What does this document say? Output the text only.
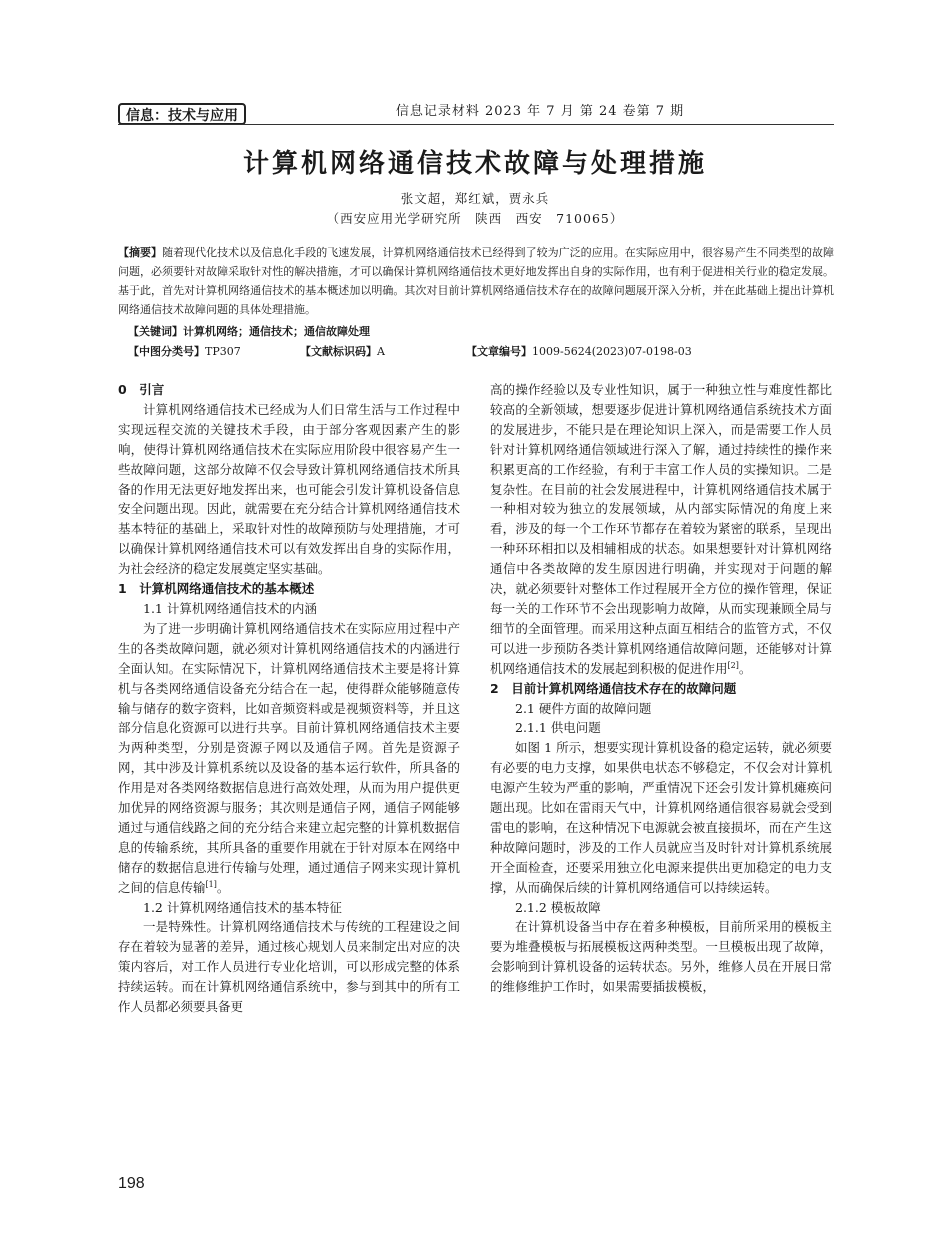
信息：技术与应用	信息记录材料 2023 年 7 月 第 24 卷第 7 期
计算机网络通信技术故障与处理措施
张文超，郑红斌，贾永兵
（西安应用光学研究所　陕西　西安　710065）
【摘要】随着现代化技术以及信息化手段的飞速发展，计算机网络通信技术已经得到了较为广泛的应用。在实际应用中，很容易产生不同类型的故障问题，必须要针对故障采取针对性的解决措施，才可以确保计算机网络通信技术更好地发挥出自身的实际作用，也有利于促进相关行业的稳定发展。基于此，首先对计算机网络通信技术的基本概述加以明确。其次对目前计算机网络通信技术存在的故障问题展开深入分析，并在此基础上提出计算机网络通信技术故障问题的具体处理措施。
【关键词】计算机网络；通信技术；通信故障处理
【中图分类号】TP307	【文献标识码】A	【文章编号】1009-5624(2023)07-0198-03

0　引言

计算机网络通信技术已经成为人们日常生活与工作过程中实现远程交流的关键技术手段，由于部分客观因素产生的影响，使得计算机网络通信技术在实际应用阶段中很容易产生一些故障问题，这部分故障不仅会导致计算机网络通信技术所具备的作用无法更好地发挥出来，也可能会引发计算机设备信息安全问题出现。因此，就需要在充分结合计算机网络通信技术基本特征的基础上，采取针对性的故障预防与处理措施，才可以确保计算机网络通信技术可以有效发挥出自身的实际作用，为社会经济的稳定发展奠定坚实基础。

1　计算机网络通信技术的基本概述

1.1 计算机网络通信技术的内涵

为了进一步明确计算机网络通信技术在实际应用过程中产生的各类故障问题，就必须对计算机网络通信技术的内涵进行全面认知。在实际情况下，计算机网络通信技术主要是将计算机与各类网络通信设备充分结合在一起，使得群众能够随意传输与储存的数字资料，比如音频资料或是视频资料等，并且这部分信息化资源可以进行共享。目前计算机网络通信技术主要为两种类型，分别是资源子网以及通信子网。首先是资源子网，其中涉及计算机系统以及设备的基本运行软件，所具备的作用是对各类网络数据信息进行高效处理，从而为用户提供更加优异的网络资源与服务；其次则是通信子网，通信子网能够通过与通信线路之间的充分结合来建立起完整的计算机数据信息的传输系统，其所具备的重要作用就在于针对原本在网络中储存的数据信息进行传输与处理，通过通信子网来实现计算机之间的信息传输[1]。

1.2 计算机网络通信技术的基本特征

一是特殊性。计算机网络通信技术与传统的工程建设之间存在着较为显著的差异，通过核心规划人员来制定出对应的决策内容后，对工作人员进行专业化培训，可以形成完整的体系持续运转。而在计算机网络通信系统中，参与到其中的所有工作人员都必须要具备更

高的操作经验以及专业性知识，属于一种独立性与难度性都比较高的全新领域，想要逐步促进计算机网络通信系统技术方面的发展进步，不能只是在理论知识上深入，而是需要工作人员针对计算机网络通信领域进行深入了解，通过持续性的操作来积累更高的工作经验，有利于丰富工作人员的实操知识。二是复杂性。在目前的社会发展进程中，计算机网络通信技术属于一种相对较为独立的发展领域，从内部实际情况的角度上来看，涉及的每一个工作环节都存在着较为紧密的联系，呈现出一种环环相扣以及相辅相成的状态。如果想要针对计算机网络通信中各类故障的发生原因进行明确，并实现对于问题的解决，就必须要针对整体工作过程展开全方位的操作管理，保证每一关的工作环节不会出现影响力故障，从而实现兼顾全局与细节的全面管理。而采用这种点面互相结合的监管方式，不仅可以进一步预防各类计算机网络通信故障问题，还能够对计算机网络通信技术的发展起到积极的促进作用[2]。

2　目前计算机网络通信技术存在的故障问题

2.1 硬件方面的故障问题

2.1.1 供电问题

如图 1 所示，想要实现计算机设备的稳定运转，就必须要有必要的电力支撑，如果供电状态不够稳定，不仅会对计算机电源产生较为严重的影响，严重情况下还会引发计算机瘫痪问题出现。比如在雷雨天气中，计算机网络通信很容易就会受到雷电的影响，在这种情况下电源就会被直接损坏，而在产生这种故障问题时，涉及的工作人员就应当及时针对计算机系统展开全面检查，还要采用独立化电源来提供出更加稳定的电力支撑，从而确保后续的计算机网络通信可以持续运转。

2.1.2 模板故障

在计算机设备当中存在着多种模板，目前所采用的模板主要为堆叠模板与拓展模板这两种类型。一旦模板出现了故障，会影响到计算机设备的运转状态。另外，维修人员在开展日常的维修维护工作时，如果需要插拔模板，

198
